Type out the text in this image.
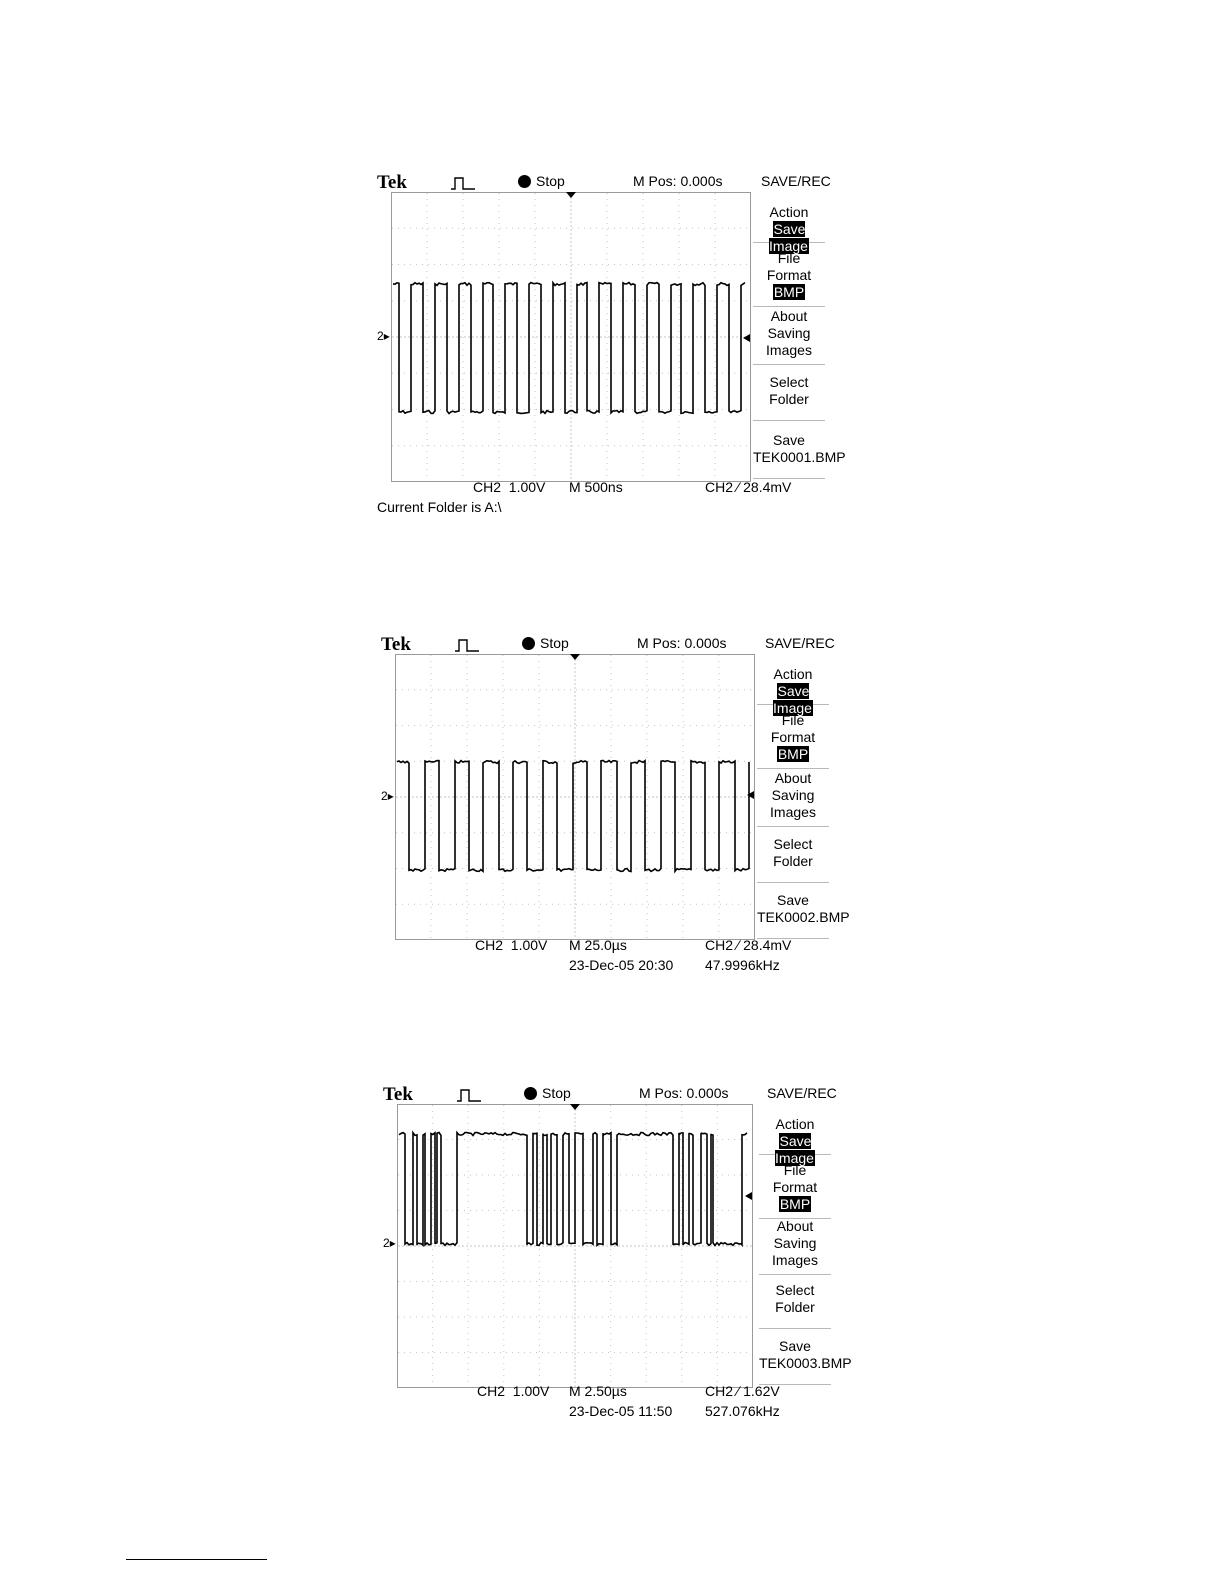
Tek	Stop	M Pos: 0.000s	SAVE/REC
2▸
Action
Save Image
File
Format
BMP
About
Saving
Images
Select
Folder
Save
TEK0001.BMP
CH2  1.00V M 500ns	CH2 ∕ 28.4mV
Current Folder is A:\
Tek	Stop	M Pos: 0.000s	SAVE/REC
2▸
Action
Save Image
File
Format
BMP
About
Saving
Images
Select
Folder
Save
TEK0002.BMP
CH2  1.00V M 25.0µs	CH2 ∕ 28.4mV
23-Dec-05 20:30 47.9996kHz
Tek	Stop	M Pos: 0.000s	SAVE/REC
2▸
Action
Save Image
File
Format
BMP
About
Saving
Images
Select
Folder
Save
TEK0003.BMP
CH2  1.00V M 2.50µs	CH2 ∕ 1.62V
23-Dec-05 11:50 527.076kHz
